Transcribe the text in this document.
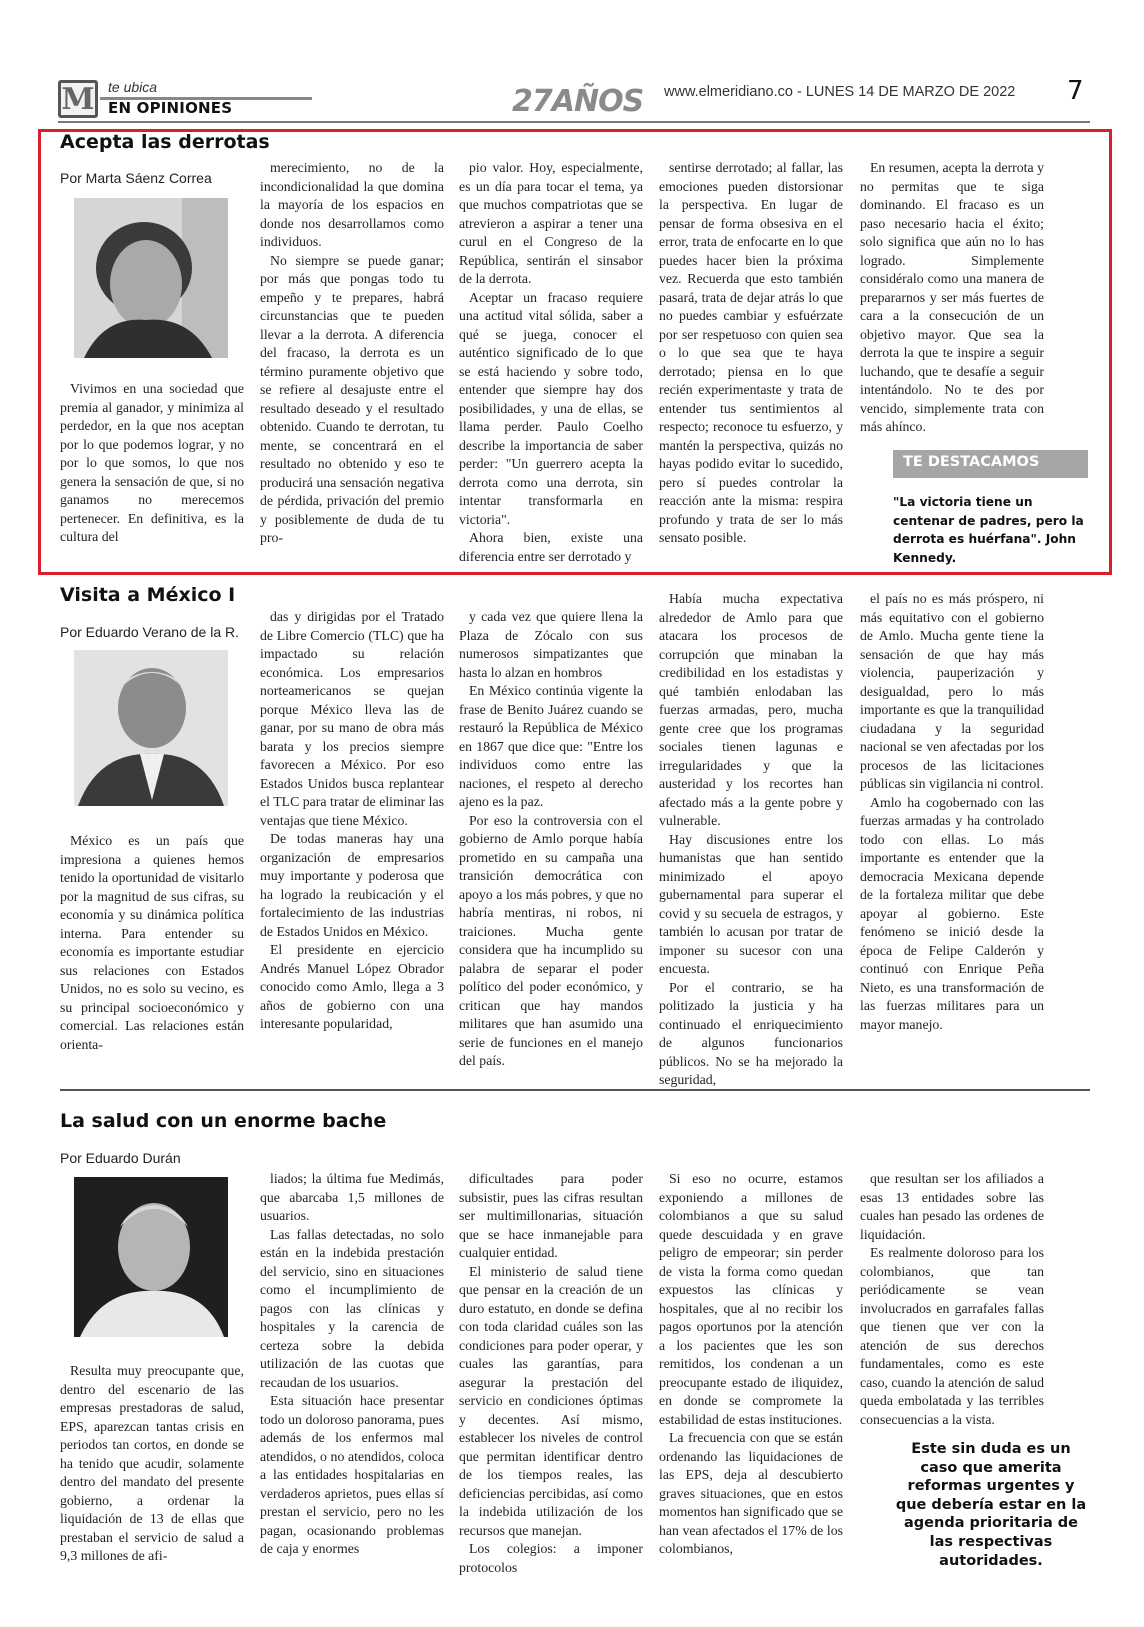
M te ubica
EN OPINIONES	27AÑOS www.elmeridiano.co - LUNES 14 DE MARZO DE 2022 7
Acepta las derrotas
Por Marta Sáenz Correa

Vivimos en una sociedad que premia al ganador, y minimiza al perdedor, en la que nos aceptan por lo que podemos lograr, y no por lo que somos, lo que nos genera la sensación de que, si no ganamos no merecemos pertenecer. En definitiva, es la cultura del

merecimiento, no de la incondicionalidad la que domina la mayoría de los espacios en donde nos desarrollamos como individuos.

No siempre se puede ganar; por más que pongas todo tu empeño y te prepares, habrá circunstancias que te pueden llevar a la derrota. A diferencia del fracaso, la derrota es un término puramente objetivo que se refiere al desajuste entre el resultado deseado y el resultado obtenido. Cuando te derrotan, tu mente, se concentrará en el resultado no obtenido y eso te producirá una sensación negativa de pérdida, privación del premio y posiblemente de duda de tu pro-

pio valor. Hoy, especialmente, es un día para tocar el tema, ya que muchos compatriotas que se atrevieron a aspirar a tener una curul en el Congreso de la República, sentirán el sinsabor de la derrota.

Aceptar un fracaso requiere una actitud vital sólida, saber a qué se juega, conocer el auténtico significado de lo que se está haciendo y sobre todo, entender que siempre hay dos posibilidades, y una de ellas, se llama perder. Paulo Coelho describe la importancia de saber perder: "Un guerrero acepta la derrota como una derrota, sin intentar transformarla en victoria".

Ahora bien, existe una diferencia entre ser derrotado y

sentirse derrotado; al fallar, las emociones pueden distorsionar la perspectiva. En lugar de pensar de forma obsesiva en el error, trata de enfocarte en lo que puedes hacer bien la próxima vez. Recuerda que esto también pasará, trata de dejar atrás lo que no puedes cambiar y esfuérzate por ser respetuoso con quien sea o lo que sea que te haya derrotado; piensa en lo que recién experimentaste y trata de entender tus sentimientos al respecto; reconoce tu esfuerzo, y mantén la perspectiva, quizás no hayas podido evitar lo sucedido, pero sí puedes controlar la reacción ante la misma: respira profundo y trata de ser lo más sensato posible.

En resumen, acepta la derrota y no permitas que te siga dominando. El fracaso es un paso necesario hacia el éxito; solo significa que aún no lo has logrado. Simplemente considéralo como una manera de prepararnos y ser más fuertes de cara a la consecución de un objetivo mayor. Que sea la derrota la que te inspire a seguir luchando, que te desafíe a seguir intentándolo. No te des por vencido, simplemente trata con más ahínco.

TE DESTACAMOS
"La victoria tiene un centenar de padres, pero la derrota es huérfana". John Kennedy.
Visita a México I
Por Eduardo Verano de la R.

México es un país que impresiona a quienes hemos tenido la oportunidad de visitarlo por la magnitud de sus cifras, su economía y su dinámica política interna. Para entender su economía es importante estudiar sus relaciones con Estados Unidos, no es solo su vecino, es su principal socioeconómico y comercial. Las relaciones están orienta-

das y dirigidas por el Tratado de Libre Comercio (TLC) que ha impactado su relación económica. Los empresarios norteamericanos se quejan porque México lleva las de ganar, por su mano de obra más barata y los precios siempre favorecen a México. Por eso Estados Unidos busca replantear el TLC para tratar de eliminar las ventajas que tiene México.

De todas maneras hay una organización de empresarios muy importante y poderosa que ha logrado la reubicación y el fortalecimiento de las industrias de Estados Unidos en México.

El presidente en ejercicio Andrés Manuel López Obrador conocido como Amlo, llega a 3 años de gobierno con una interesante popularidad,

y cada vez que quiere llena la Plaza de Zócalo con sus numerosos simpatizantes que hasta lo alzan en hombros

En México continúa vigente la frase de Benito Juárez cuando se restauró la República de México en 1867 que dice que: "Entre los individuos como entre las naciones, el respeto al derecho ajeno es la paz.

Por eso la controversia con el gobierno de Amlo porque había prometido en su campaña una transición democrática con apoyo a los más pobres, y que no habría mentiras, ni robos, ni traiciones. Mucha gente considera que ha incumplido su palabra de separar el poder político del poder económico, y critican que hay mandos militares que han asumido una serie de funciones en el manejo del país.

Había mucha expectativa alrededor de Amlo para que atacara los procesos de corrupción que minaban la credibilidad en los estadistas y qué también enlodaban las fuerzas armadas, pero, mucha gente cree que los programas sociales tienen lagunas e irregularidades y que la austeridad y los recortes han afectado más a la gente pobre y vulnerable.

Hay discusiones entre los humanistas que han sentido minimizado el apoyo gubernamental para superar el covid y su secuela de estragos, y también lo acusan por tratar de imponer su sucesor con una encuesta.

Por el contrario, se ha politizado la justicia y ha continuado el enriquecimiento de algunos funcionarios públicos. No se ha mejorado la seguridad,

el país no es más próspero, ni más equitativo con el gobierno de Amlo. Mucha gente tiene la sensación de que hay más violencia, pauperización y desigualdad, pero lo más importante es que la tranquilidad ciudadana y la seguridad nacional se ven afectadas por los procesos de las licitaciones públicas sin vigilancia ni control.

Amlo ha cogobernado con las fuerzas armadas y ha controlado todo con ellas. Lo más importante es entender que la democracia Mexicana depende de la fortaleza militar que debe apoyar al gobierno. Este fenómeno se inició desde la época de Felipe Calderón y continuó con Enrique Peña Nieto, es una transformación de las fuerzas militares para un mayor manejo.

La salud con un enorme bache
Por Eduardo Durán

Resulta muy preocupante que, dentro del escenario de las empresas prestadoras de salud, EPS, aparezcan tantas crisis en periodos tan cortos, en donde se ha tenido que acudir, solamente dentro del mandato del presente gobierno, a ordenar la liquidación de 13 de ellas que prestaban el servicio de salud a 9,3 millones de afi-

liados; la última fue Medimás, que abarcaba 1,5 millones de usuarios.

Las fallas detectadas, no solo están en la indebida prestación del servicio, sino en situaciones como el incumplimiento de pagos con las clínicas y hospitales y la carencia de certeza sobre la debida utilización de las cuotas que recaudan de los usuarios.

Esta situación hace presentar todo un doloroso panorama, pues además de los enfermos mal atendidos, o no atendidos, coloca a las entidades hospitalarias en verdaderos aprietos, pues ellas sí prestan el servicio, pero no les pagan, ocasionando problemas de caja y enormes

dificultades para poder subsistir, pues las cifras resultan ser multimillonarias, situación que se hace inmanejable para cualquier entidad.

El ministerio de salud tiene que pensar en la creación de un duro estatuto, en donde se defina con toda claridad cuáles son las condiciones para poder operar, y cuales las garantías, para asegurar la prestación del servicio en condiciones óptimas y decentes. Así mismo, establecer los niveles de control que permitan identificar dentro de los tiempos reales, las deficiencias percibidas, así como la indebida utilización de los recursos que manejan.

Los colegios: a imponer protocolos

Si eso no ocurre, estamos exponiendo a millones de colombianos a que su salud quede descuidada y en grave peligro de empeorar; sin perder de vista la forma como quedan expuestos las clínicas y hospitales, que al no recibir los pagos oportunos por la atención a los pacientes que les son remitidos, los condenan a un preocupante estado de iliquidez, en donde se compromete la estabilidad de estas instituciones.

La frecuencia con que se están ordenando las liquidaciones de las EPS, deja al descubierto graves situaciones, que en estos momentos han significado que se han vean afectados el 17% de los colombianos,

que resultan ser los afiliados a esas 13 entidades sobre las cuales han pesado las ordenes de liquidación.

Es realmente doloroso para los colombianos, que tan periódicamente se vean involucrados en garrafales fallas que tienen que ver con la atención de sus derechos fundamentales, como es este caso, cuando la atención de salud queda embolatada y las terribles consecuencias a la vista.

Este sin duda es un caso que amerita reformas urgentes y que debería estar en la agenda prioritaria de las respectivas autoridades.
